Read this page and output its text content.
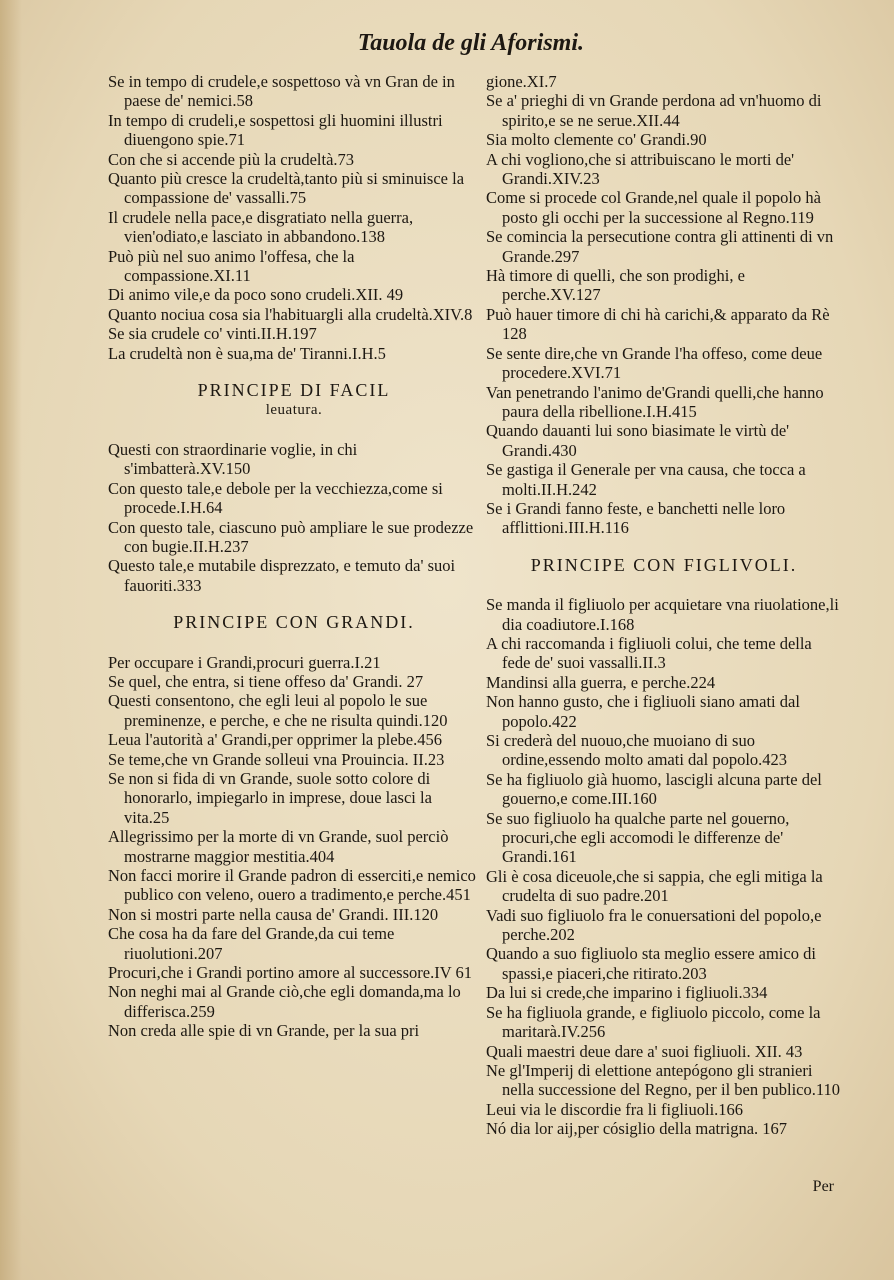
Tauola de gli Aforismi.

Se in tempo di crudele,e sospettoso và vn Gran de in paese de' nemici.58

In tempo di crudeli,e sospettosi gli huomini illustri diuengono spie.71

Con che si accende più la crudeltà.73

Quanto più cresce la crudeltà,tanto più si sminuisce la compassione de' vassalli.75

Il crudele nella pace,e disgratiato nella guerra, vien'odiato,e lasciato in abbandono.138

Può più nel suo animo l'offesa, che la compassione.XI.11

Di animo vile,e da poco sono crudeli.XII. 49

Quanto nociua cosa sia l'habituargli alla crudeltà.XIV.8

Se sia crudele co' vinti.II.H.197

La crudeltà non è sua,ma de' Tiranni.I.H.5

PRINCIPE DI FACIL
leuatura.

Questi con straordinarie voglie, in chi s'imbatterà.XV.150

Con questo tale,e debole per la vecchiezza,come si procede.I.H.64

Con questo tale, ciascuno può ampliare le sue prodezze con bugie.II.H.237

Questo tale,e mutabile disprezzato, e temuto da' suoi fauoriti.333

PRINCIPE CON GRANDI.

Per occupare i Grandi,procuri guerra.I.21

Se quel, che entra, si tiene offeso da' Grandi. 27

Questi consentono, che egli leui al popolo le sue preminenze, e perche, e che ne risulta quindi.120

Leua l'autorità a' Grandi,per opprimer la plebe.456

Se teme,che vn Grande solleui vna Prouincia. II.23

Se non si fida di vn Grande, suole sotto colore di honorarlo, impiegarlo in imprese, doue lasci la vita.25

Allegrissimo per la morte di vn Grande, suol perciò mostrarne maggior mestitia.404

Non facci morire il Grande padron di esserciti,e nemico publico con veleno, ouero a tradimento,e perche.451

Non si mostri parte nella causa de' Grandi. III.120

Che cosa ha da fare del Grande,da cui teme riuolutioni.207

Procuri,che i Grandi portino amore al successore.IV 61

Non neghi mai al Grande ciò,che egli domanda,ma lo differisca.259

Non creda alle spie di vn Grande, per la sua pri

gione.XI.7

Se a' prieghi di vn Grande perdona ad vn'huomo di spirito,e se ne serue.XII.44

Sia molto clemente co' Grandi.90

A chi vogliono,che si attribuiscano le morti de' Grandi.XIV.23

Come si procede col Grande,nel quale il popolo hà posto gli occhi per la successione al Regno.119

Se comincia la persecutione contra gli attinenti di vn Grande.297

Hà timore di quelli, che son prodighi, e perche.XV.127

Può hauer timore di chi hà carichi,& apparato da Rè 128

Se sente dire,che vn Grande l'ha offeso, come deue procedere.XVI.71

Van penetrando l'animo de'Grandi quelli,che hanno paura della ribellione.I.H.415

Quando dauanti lui sono biasimate le virtù de' Grandi.430

Se gastiga il Generale per vna causa, che tocca a molti.II.H.242

Se i Grandi fanno feste, e banchetti nelle loro afflittioni.III.H.116

PRINCIPE CON FIGLIVOLI.

Se manda il figliuolo per acquietare vna riuolatione,li dia coadiutore.I.168

A chi raccomanda i figliuoli colui, che teme della fede de' suoi vassalli.II.3

Mandinsi alla guerra, e perche.224

Non hanno gusto, che i figliuoli siano amati dal popolo.422

Si crederà del nuouo,che muoiano di suo ordine,essendo molto amati dal popolo.423

Se ha figliuolo già huomo, lascigli alcuna parte del gouerno,e come.III.160

Se suo figliuolo ha qualche parte nel gouerno, procuri,che egli accomodi le differenze de' Grandi.161

Gli è cosa diceuole,che si sappia, che egli mitiga la crudelta di suo padre.201

Vadi suo figliuolo fra le conuersationi del popolo,e perche.202

Quando a suo figliuolo sta meglio essere amico di spassi,e piaceri,che ritirato.203

Da lui si crede,che imparino i figliuoli.334

Se ha figliuola grande, e figliuolo piccolo, come la maritarà.IV.256

Quali maestri deue dare a' suoi figliuoli. XII. 43

Ne gl'Imperij di elettione antepógono gli stranieri nella successione del Regno, per il ben publico.110

Leui via le discordie fra li figliuoli.166

Nó dia lor aij,per cósiglio della matrigna. 167

Per
